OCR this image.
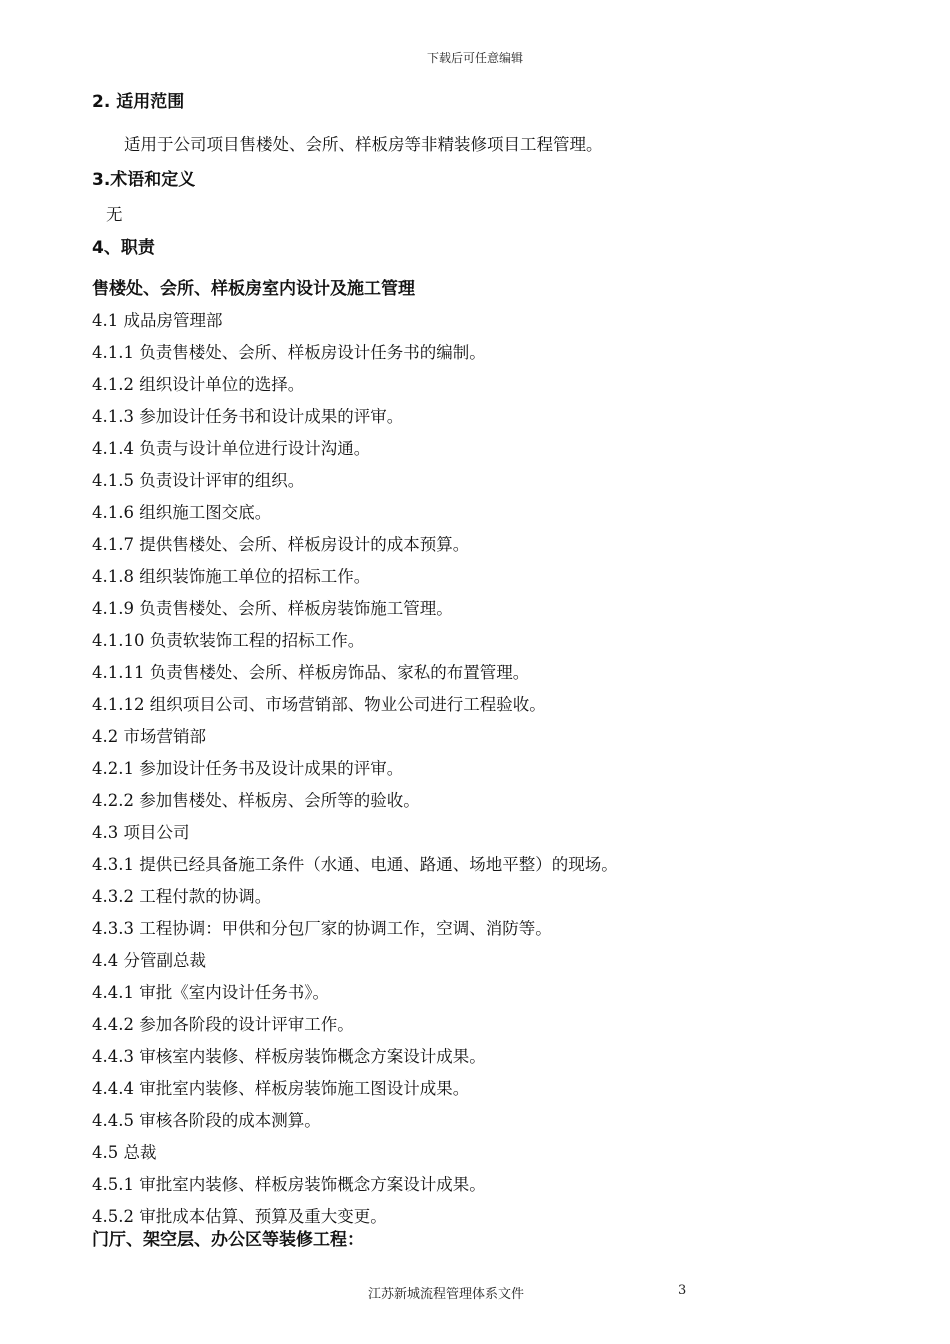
下载后可任意编辑
2. 适用范围
适用于公司项目售楼处、会所、样板房等非精装修项目工程管理。
3.术语和定义
无
4、职责
售楼处、会所、样板房室内设计及施工管理
4.1 成品房管理部
4.1.1 负责售楼处、会所、样板房设计任务书的编制。
4.1.2 组织设计单位的选择。
4.1.3 参加设计任务书和设计成果的评审。
4.1.4 负责与设计单位进行设计沟通。
4.1.5 负责设计评审的组织。
4.1.6 组织施工图交底。
4.1.7 提供售楼处、会所、样板房设计的成本预算。
4.1.8 组织装饰施工单位的招标工作。
4.1.9 负责售楼处、会所、样板房装饰施工管理。
4.1.10 负责软装饰工程的招标工作。
4.1.11 负责售楼处、会所、样板房饰品、家私的布置管理。
4.1.12 组织项目公司、市场营销部、物业公司进行工程验收。
4.2 市场营销部
4.2.1 参加设计任务书及设计成果的评审。
4.2.2 参加售楼处、样板房、会所等的验收。
4.3 项目公司
4.3.1 提供已经具备施工条件（水通、电通、路通、场地平整）的现场。
4.3.2 工程付款的协调。
4.3.3 工程协调：甲供和分包厂家的协调工作，空调、消防等。
4.4 分管副总裁
4.4.1 审批《室内设计任务书》。
4.4.2 参加各阶段的设计评审工作。
4.4.3 审核室内装修、样板房装饰概念方案设计成果。
4.4.4 审批室内装修、样板房装饰施工图设计成果。
4.4.5 审核各阶段的成本测算。
4.5 总裁
4.5.1 审批室内装修、样板房装饰概念方案设计成果。
4.5.2 审批成本估算、预算及重大变更。
门厅、架空层、办公区等装修工程：
江苏新城流程管理体系文件	3
